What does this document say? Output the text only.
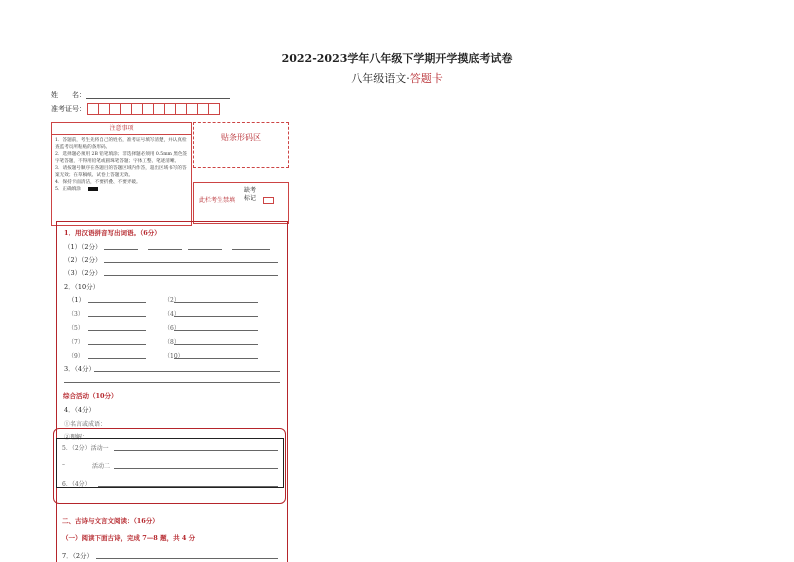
2022-2023学年八年级下学期开学摸底考试卷
八年级语文·答题卡
姓　　名：
准考证号：
注意事项
1．答题前，考生先将自己的姓名，准考证号填写清楚，并认真检查监考员所粘贴的条形码。
2．选择题必须用 2B 铅笔填涂；非选择题必须用 0.5mm 黑色签字笔答题，不得用铅笔或圆珠笔答题；字体工整、笔迹清晰。
3．请按题号顺序在各题目的答题区域内作答，超出区域书写的答案无效；在草稿纸、试卷上答题无效。
4．保持卡面清洁，不要折叠、不要弄破。
5．正确填涂
贴条形码区
此栏考生禁填
缺考
标记
1．用汉语拼音写出词语。（6分）
（1）（2分）
（2）（2分）
（3）（2分）
2．（10分）
（1）	（2）
（3）	（4）
（5）	（6）
（7）	（8）
（9）	（10）
3．（4分）
综合活动（10分）
4．（4分）
①名言或成语：
②理解：
5．（2分）活动一
–	活动二
6．（4分）
二、古诗与文言文阅读：（16分）
（一）阅读下面古诗，完成 7—8 题，共 4 分
7．（2分）
